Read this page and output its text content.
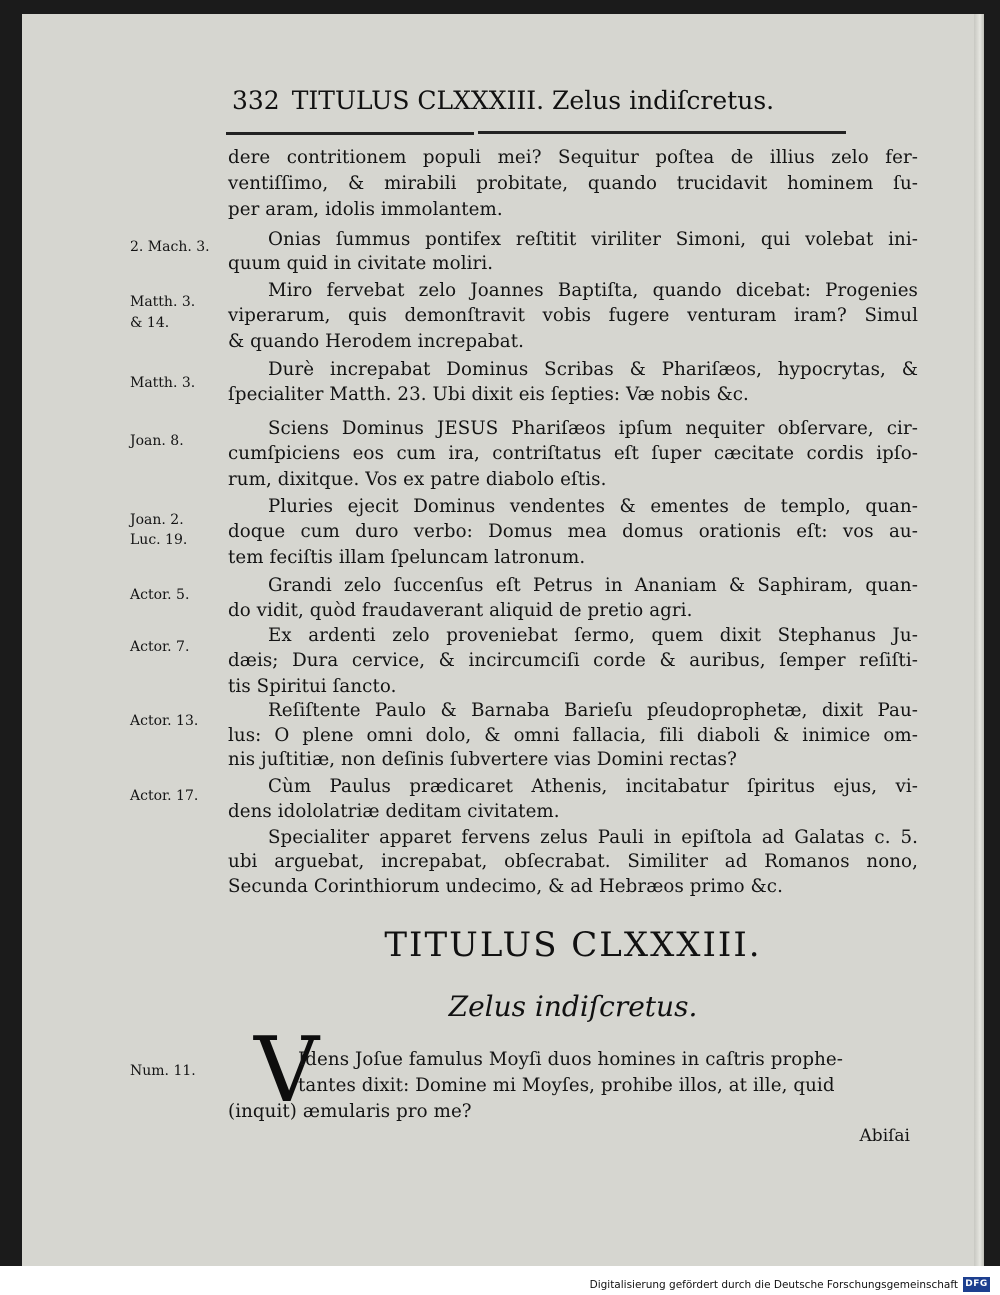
332 TITULUS CLXXXIII. Zelus indiſcretus.
dere contritionem populi mei? Sequitur poſtea de illius zelo fer-
ventiſſimo, & mirabili probitate, quando trucidavit hominem ſu-
per aram, idolis immolantem.
Onias ſummus pontifex reſtitit viriliter Simoni, qui volebat ini-
quum quid in civitate moliri.
Miro fervebat zelo Joannes Baptiſta, quando dicebat: Progenies
viperarum, quis demonſtravit vobis fugere venturam iram? Simul
& quando Herodem increpabat.
Durè increpabat Dominus Scribas & Phariſæos, hypocrytas, &
ſpecialiter Matth. 23. Ubi dixit eis ſepties: Væ nobis &c.
Sciens Dominus JESUS Phariſæos ipſum nequiter obſervare, cir-
cumſpiciens eos cum ira, contriſtatus eſt ſuper cæcitate cordis ipſo-
rum, dixitque. Vos ex patre diabolo eſtis.
Pluries ejecit Dominus vendentes & ementes de templo, quan-
doque cum duro verbo: Domus mea domus orationis eſt: vos au-
tem feciſtis illam ſpeluncam latronum.
Grandi zelo ſuccenſus eſt Petrus in Ananiam & Saphiram, quan-
do vidit, quòd fraudaverant aliquid de pretio agri.
Ex ardenti zelo proveniebat ſermo, quem dixit Stephanus Ju-
dæis; Dura cervice, & incircumciſi corde & auribus, ſemper reſiſti-
tis Spiritui ſancto.
Reſiſtente Paulo & Barnaba Barieſu pſeudoprophetæ, dixit Pau-
lus: O plene omni dolo, & omni fallacia, fili diaboli & inimice om-
nis juſtitiæ, non deſinis ſubvertere vias Domini rectas?
Cùm Paulus prædicaret Athenis, incitabatur ſpiritus ejus, vi-
dens idololatriæ deditam civitatem.
Specialiter apparet fervens zelus Pauli in epiſtola ad Galatas c. 5.
ubi arguebat, increpabat, obſecrabat. Similiter ad Romanos nono,
Secunda Corinthiorum undecimo, & ad Hebræos primo &c.
2. Mach. 3.
Matth. 3.
& 14.
Matth. 3.
Joan. 8.
Joan. 2.
Luc. 19.
Actor. 5.
Actor. 7.
Actor. 13.
Actor. 17.
Num. 11.
TITULUS CLXXXIII.
Zelus indiſcretus.
V
Idens Joſue famulus Moyſi duos homines in caſtris prophe-
tantes dixit: Domine mi Moyſes, prohibe illos, at ille, quid
(inquit) æmularis pro me?
Abiſai
Digitalisierung gefördert durch die Deutsche Forschungsgemeinschaft DFG
